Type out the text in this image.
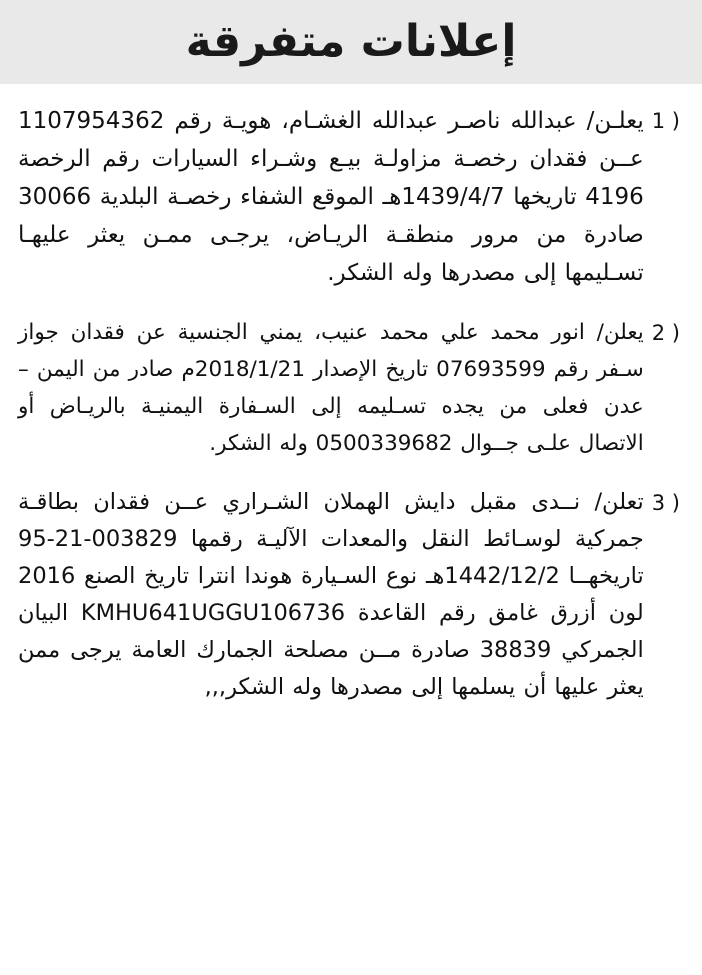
إعلانات متفرقة
1 )
يعلـن/ عبدالله ناصـر عبدالله الغشـام، هويـة رقم 1107954362 عــن فقدان رخصـة مزاولـة بيـع وشـراء السيارات رقم الرخصة 4196 تاريخها 1439/4/7هـ الموقع الشفاء رخصـة البلدية 30066 صادرة من مرور منطقـة الريـاض، يرجـى ممـن يعثر عليهـا تسـليمها إلى مصدرها وله الشكر.
2 )
يعلن/ انور محمد علي محمد عنيب، يمني الجنسية عن فقدان جواز سـفر رقم 07693599 تاريخ الإصدار 2018/1/21م صادر من اليمن – عدن فعلى من يجده تسـليمه إلى السـفارة اليمنيـة بالريـاض أو الاتصال علـى جــوال 0500339682 وله الشكر.
3 )
تعلن/ نــدى مقبل دايش الهملان الشـراري عــن فقدان بطاقـة جمركية لوسـائط النقل والمعدات الآليـة رقمها 003829-21-95 تاريخهــا 1442/12/2هـ نوع السـيارة هوندا انترا تاريخ الصنع 2016 لون أزرق غامق رقم القاعدة KMHU641UGGU106736 البيان الجمركي 38839 صادرة مــن مصلحة الجمارك العامة يرجى ممن يعثر عليها أن يسلمها إلى مصدرها وله الشكر,,,
